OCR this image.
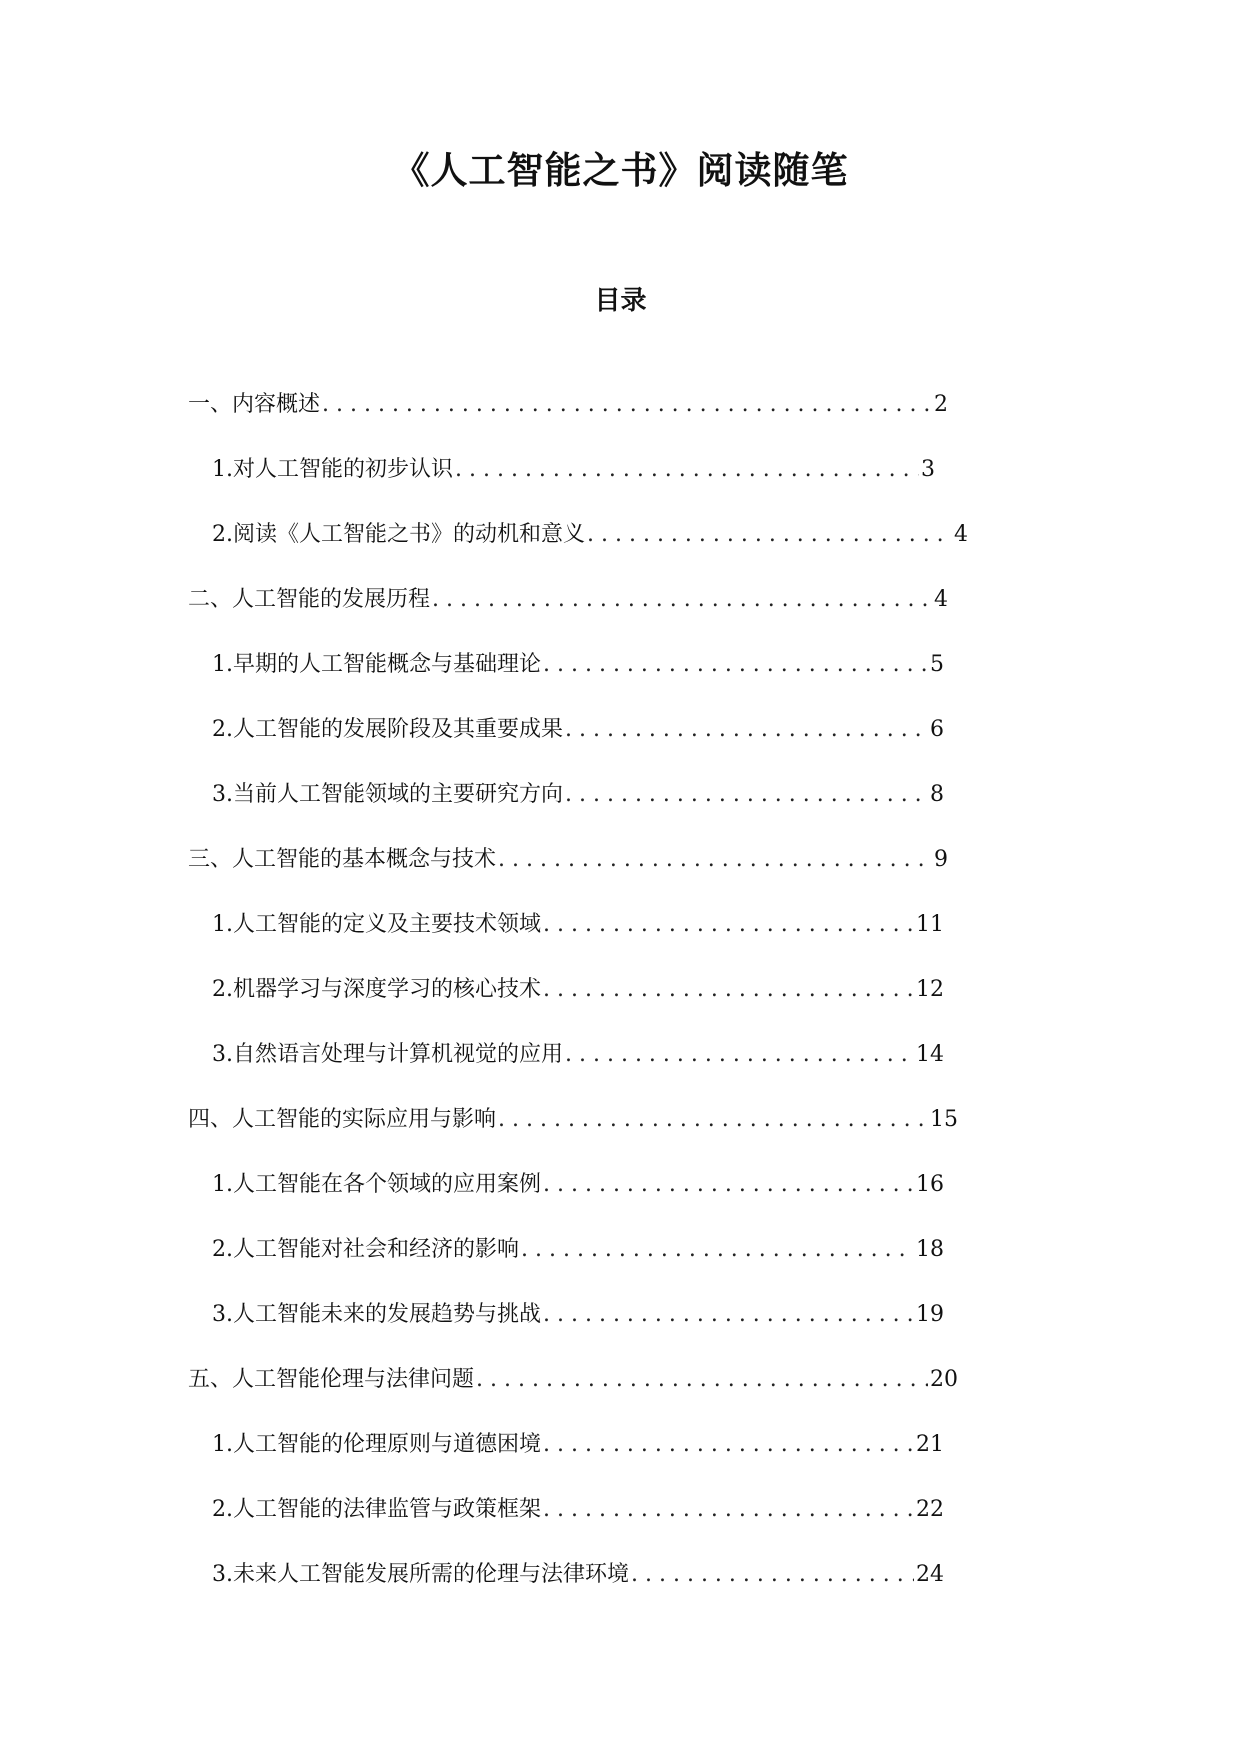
《人工智能之书》阅读随笔
目录
一、内容概述 . . .	2
1. 对人工智能的初步认识 . . .	3
2. 阅读《人工智能之书》的动机和意义 . . .	4
二、人工智能的发展历程 . . .	4
1. 早期的人工智能概念与基础理论 . . .	5
2. 人工智能的发展阶段及其重要成果 . . .	6
3. 当前人工智能领域的主要研究方向 . . .	8
三、人工智能的基本概念与技术 . . .	9
1. 人工智能的定义及主要技术领域 . . .	11
2. 机器学习与深度学习的核心技术 . . .	12
3. 自然语言处理与计算机视觉的应用 . . .	14
四、人工智能的实际应用与影响 . . .	15
1. 人工智能在各个领域的应用案例 . . .	16
2. 人工智能对社会和经济的影响 . . .	18
3. 人工智能未来的发展趋势与挑战 . . .	19
五、人工智能伦理与法律问题 . . .	20
1. 人工智能的伦理原则与道德困境 . . .	21
2. 人工智能的法律监管与政策框架 . . .	22
3. 未来人工智能发展所需的伦理与法律环境 . . .	24
